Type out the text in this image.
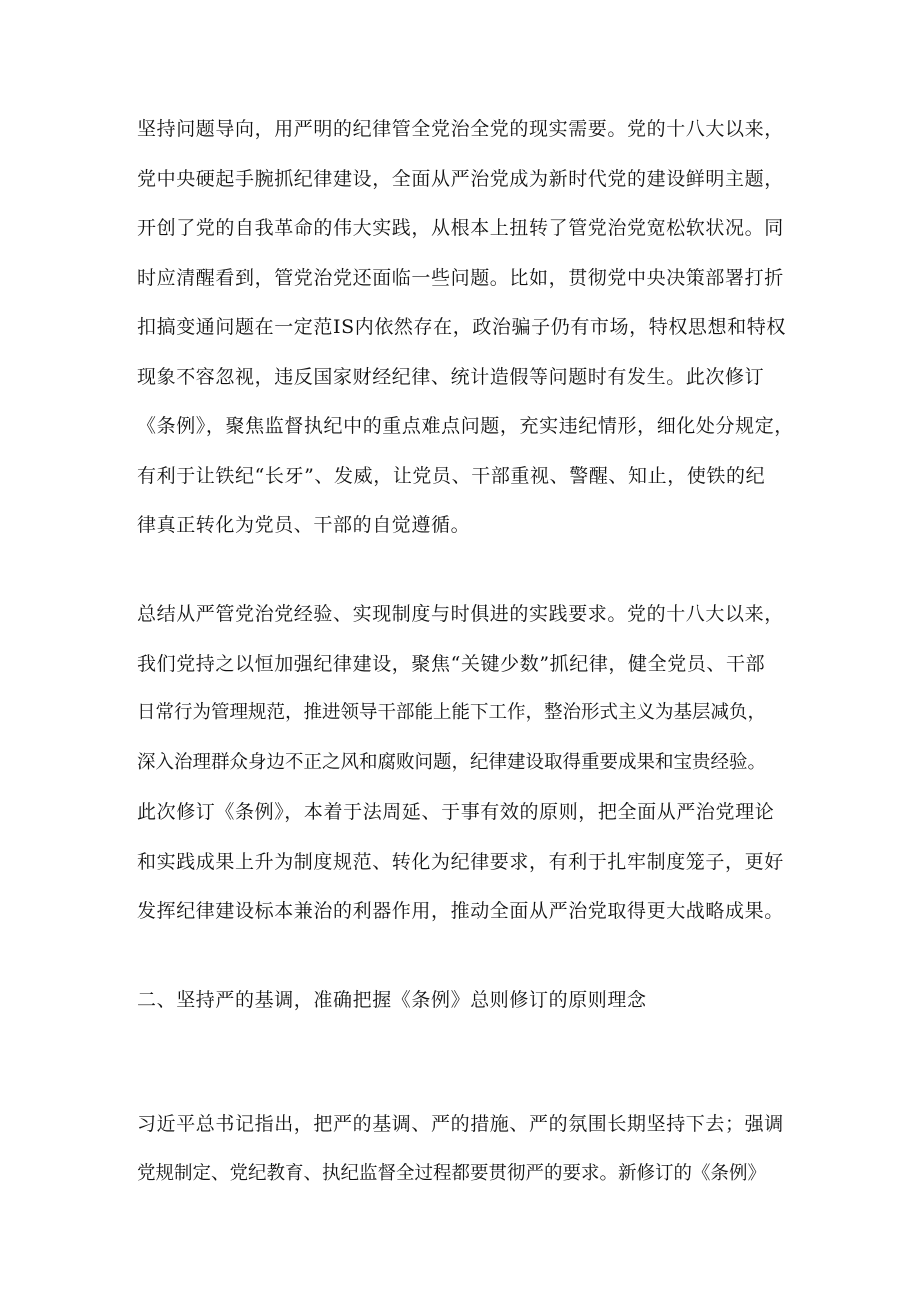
坚持问题导向，用严明的纪律管全党治全党的现实需要。党的十八大以来，
党中央硬起手腕抓纪律建设，全面从严治党成为新时代党的建设鲜明主题，
开创了党的自我革命的伟大实践，从根本上扭转了管党治党宽松软状况。同
时应清醒看到，管党治党还面临一些问题。比如，贯彻党中央决策部署打折
扣搞变通问题在一定范IS内依然存在，政治骗子仍有市场，特权思想和特权
现象不容忽视，违反国家财经纪律、统计造假等问题时有发生。此次修订
《条例》，聚焦监督执纪中的重点难点问题，充实违纪情形，细化处分规定，
有利于让铁纪“长牙”、发威，让党员、干部重视、警醒、知止，使铁的纪
律真正转化为党员、干部的自觉遵循。
总结从严管党治党经验、实现制度与时俱进的实践要求。党的十八大以来，
我们党持之以恒加强纪律建设，聚焦“关键少数”抓纪律，健全党员、干部
日常行为管理规范，推进领导干部能上能下工作，整治形式主义为基层减负，
深入治理群众身边不正之风和腐败问题，纪律建设取得重要成果和宝贵经验。
此次修订《条例》，本着于法周延、于事有效的原则，把全面从严治党理论
和实践成果上升为制度规范、转化为纪律要求，有利于扎牢制度笼子，更好
发挥纪律建设标本兼治的利器作用，推动全面从严治党取得更大战略成果。
二、坚持严的基调，准确把握《条例》总则修订的原则理念
习近平总书记指出，把严的基调、严的措施、严的氛围长期坚持下去；强调
党规制定、党纪教育、执纪监督全过程都要贯彻严的要求。新修订的《条例》
